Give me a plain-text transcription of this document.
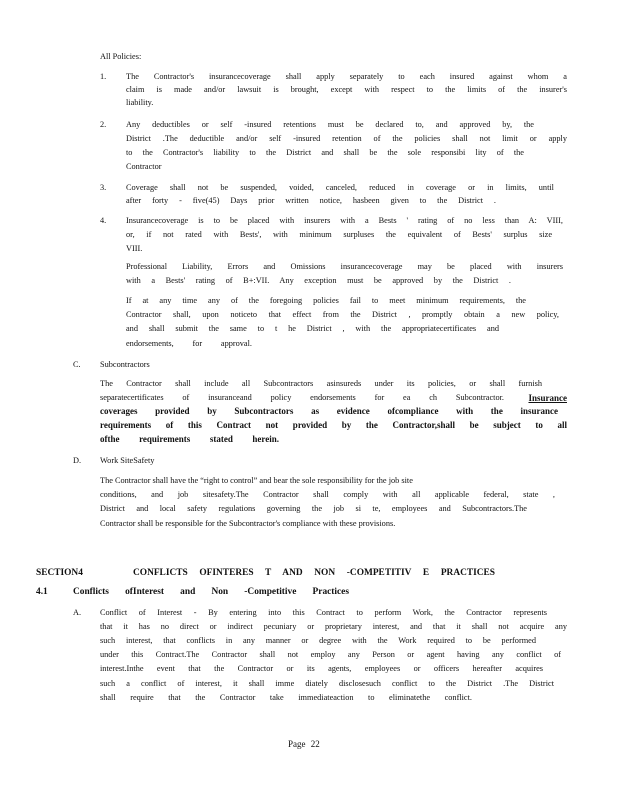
All Policies:
1. The Contractor's insurancecoverage shall apply separately to each insured against whom a
claim is made and/or lawsuit is brought, except with respect to the limits of the insurer's
liability.
2. Any deductibles or self -insured retentions must be declared to, and approved by, the
District .The deductible and/or self -insured retention of the policies shall not limit or apply
to the Contractor's liability to the District and shall be the sole responsibi lity of the
Contractor
3. Coverage shall not be suspended, voided, canceled, reduced in coverage or in limits, until
after forty - five(45) Days prior written notice, hasbeen given to the District .
4. Insurancecoverage is to be placed with insurers with a Bests ' rating of no less than A: VIII,
or, if not rated with Bests', with minimum surpluses the equivalent of Bests' surplus size
VIII.
Professional Liability, Errors and Omissions insurancecoverage may be placed with insurers
with a Bests' rating of B+:VII. Any exception must be approved by the District .
If at any time any of the foregoing policies fail to meet minimum requirements, the
Contractor shall, upon noticeto that effect from the District , promptly obtain a new policy,
and shall submit the same to t he District , with the appropriatecertificates and
endorsements, for approval.
C. Subcontractors
The Contractor shall include all Subcontractors asinsureds under its policies, or shall furnish
separatecertificates of insuranceand policy endorsements for ea ch Subcontractor.	Insurance
coverages provided by Subcontractors as evidence ofcompliance with the insurance
requirements of this Contract not provided by the Contractor,shall be subject to all
ofthe requirements stated herein.
D. Work SiteSafety
The Contractor shall have the “right to control” and bear the sole responsibility for the job site
conditions, and job sitesafety.The Contractor shall comply with all applicable federal, state ,
District and local safety regulations governing the job si te, employees and Subcontractors.The
Contractor shall be responsible for the Subcontractor's compliance with these provisions.
SECTION4	CONFLICTS OFINTERES T AND NON -COMPETITIV E PRACTICES
4.1	Conflicts ofInterest and Non -Competitive Practices
A. Conflict of Interest - By entering into this Contract to perform Work, the Contractor represents
that it has no direct or indirect pecuniary or proprietary interest, and that it shall not acquire any
such interest, that conflicts in any manner or degree with the Work required to be performed
under this Contract.The Contractor shall not employ any Person or agent having any conflict of
interest.Inthe event that the Contractor or its agents, employees or officers hereafter acquires
such a conflict of interest, it shall imme diately disclosesuch conflict to the District .The District
shall require that the Contractor take immediateaction to eliminatethe conflict.
Page 22
